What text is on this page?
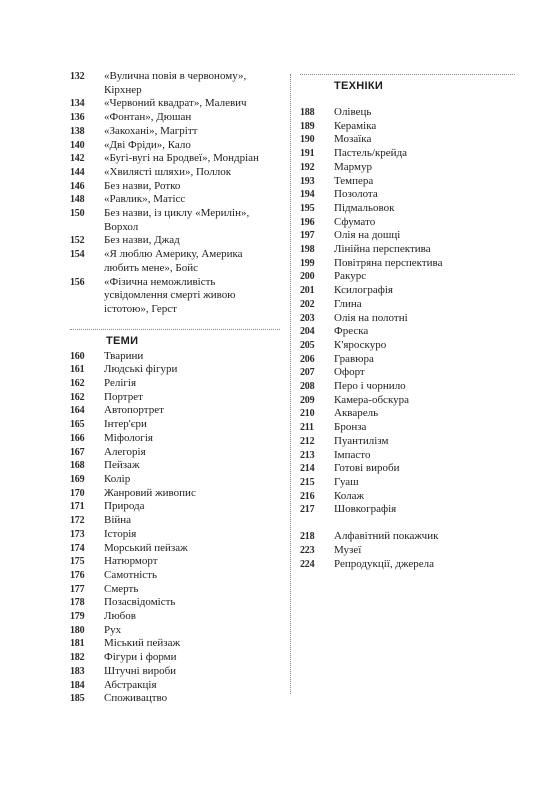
132	«Вулична повія в червоному», Кірхнер
134	«Червоний квадрат», Малевич
136	«Фонтан», Дюшан
138	«Закохані», Магрітт
140	«Дві Фріди», Кало
142	«Бугі-вугі на Бродвеї», Мондріан
144	«Хвилясті шляхи», Поллок
146	Без назви, Ротко
148	«Равлик», Матісс
150	Без назви, із циклу «Мерилін», Ворхол
152	Без назви, Джад
154	«Я люблю Америку, Америка любить мене», Бойс
156	«Фізична неможливість усвідомлення смерті живою істотою», Герст
ТЕМИ
160	Тварини
161	Людські фігури
162	Релігія
162	Портрет
164	Автопортрет
165	Інтер'єри
166	Міфологія
167	Алегорія
168	Пейзаж
169	Колір
170	Жанровий живопис
171	Природа
172	Війна
173	Історія
174	Морський пейзаж
175	Натюрморт
176	Самотність
177	Смерть
178	Позасвідомість
179	Любов
180	Рух
181	Міський пейзаж
182	Фігури і форми
183	Штучні вироби
184	Абстракція
185	Споживацтво
ТЕХНІКИ
188	Олівець
189	Кераміка
190	Мозаїка
191	Пастель/крейда
192	Мармур
193	Темпера
194	Позолота
195	Підмальовок
196	Сфумато
197	Олія на дошці
198	Лінійна перспектива
199	Повітряна перспектива
200	Ракурс
201	Ксилографія
202	Глина
203	Олія на полотні
204	Фреска
205	К'яроскуро
206	Гравюра
207	Офорт
208	Перо і чорнило
209	Камера-обскура
210	Акварель
211	Бронза
212	Пуантилізм
213	Імпасто
214	Готові вироби
215	Гуаш
216	Колаж
217	Шовкографія
218	Алфавітний покажчик
223	Музеї
224	Репродукції, джерела
